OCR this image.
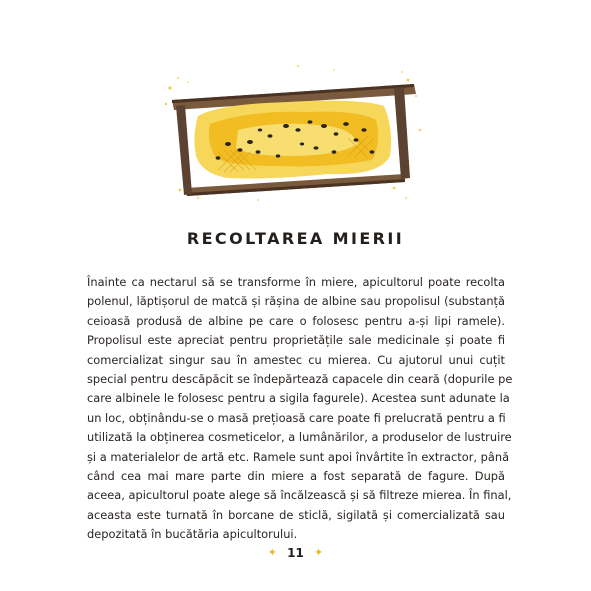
RECOLTAREA MIERII
Înainte ca nectarul să se transforme în miere, apicultorul poate recolta
polenul, lăptișorul de matcă și rășina de albine sau propolisul (substanță
ceioasă produsă de albine pe care o folosesc pentru a-și lipi ramele).
Propolisul este apreciat pentru proprietățile sale medicinale și poate fi
comercializat singur sau în amestec cu mierea. Cu ajutorul unui cuțit
special pentru descăpăcit se îndepărtează capacele din ceară (dopurile pe
care albinele le folosesc pentru a sigila fagurele). Acestea sunt adunate la
un loc, obținându-se o masă prețioasă care poate fi prelucrată pentru a fi
utilizată la obținerea cosmeticelor, a lumânărilor, a produselor de lustruire
și a materialelor de artă etc. Ramele sunt apoi învârtite în extractor, până
când cea mai mare parte din miere a fost separată de fagure. După
aceea, apicultorul poate alege să încălzească și să filtreze mierea. În final,
aceasta este turnată în borcane de sticlă, sigilată și comercializată sau
depozitată în bucătăria apicultorului.
✦ 11 ✦
